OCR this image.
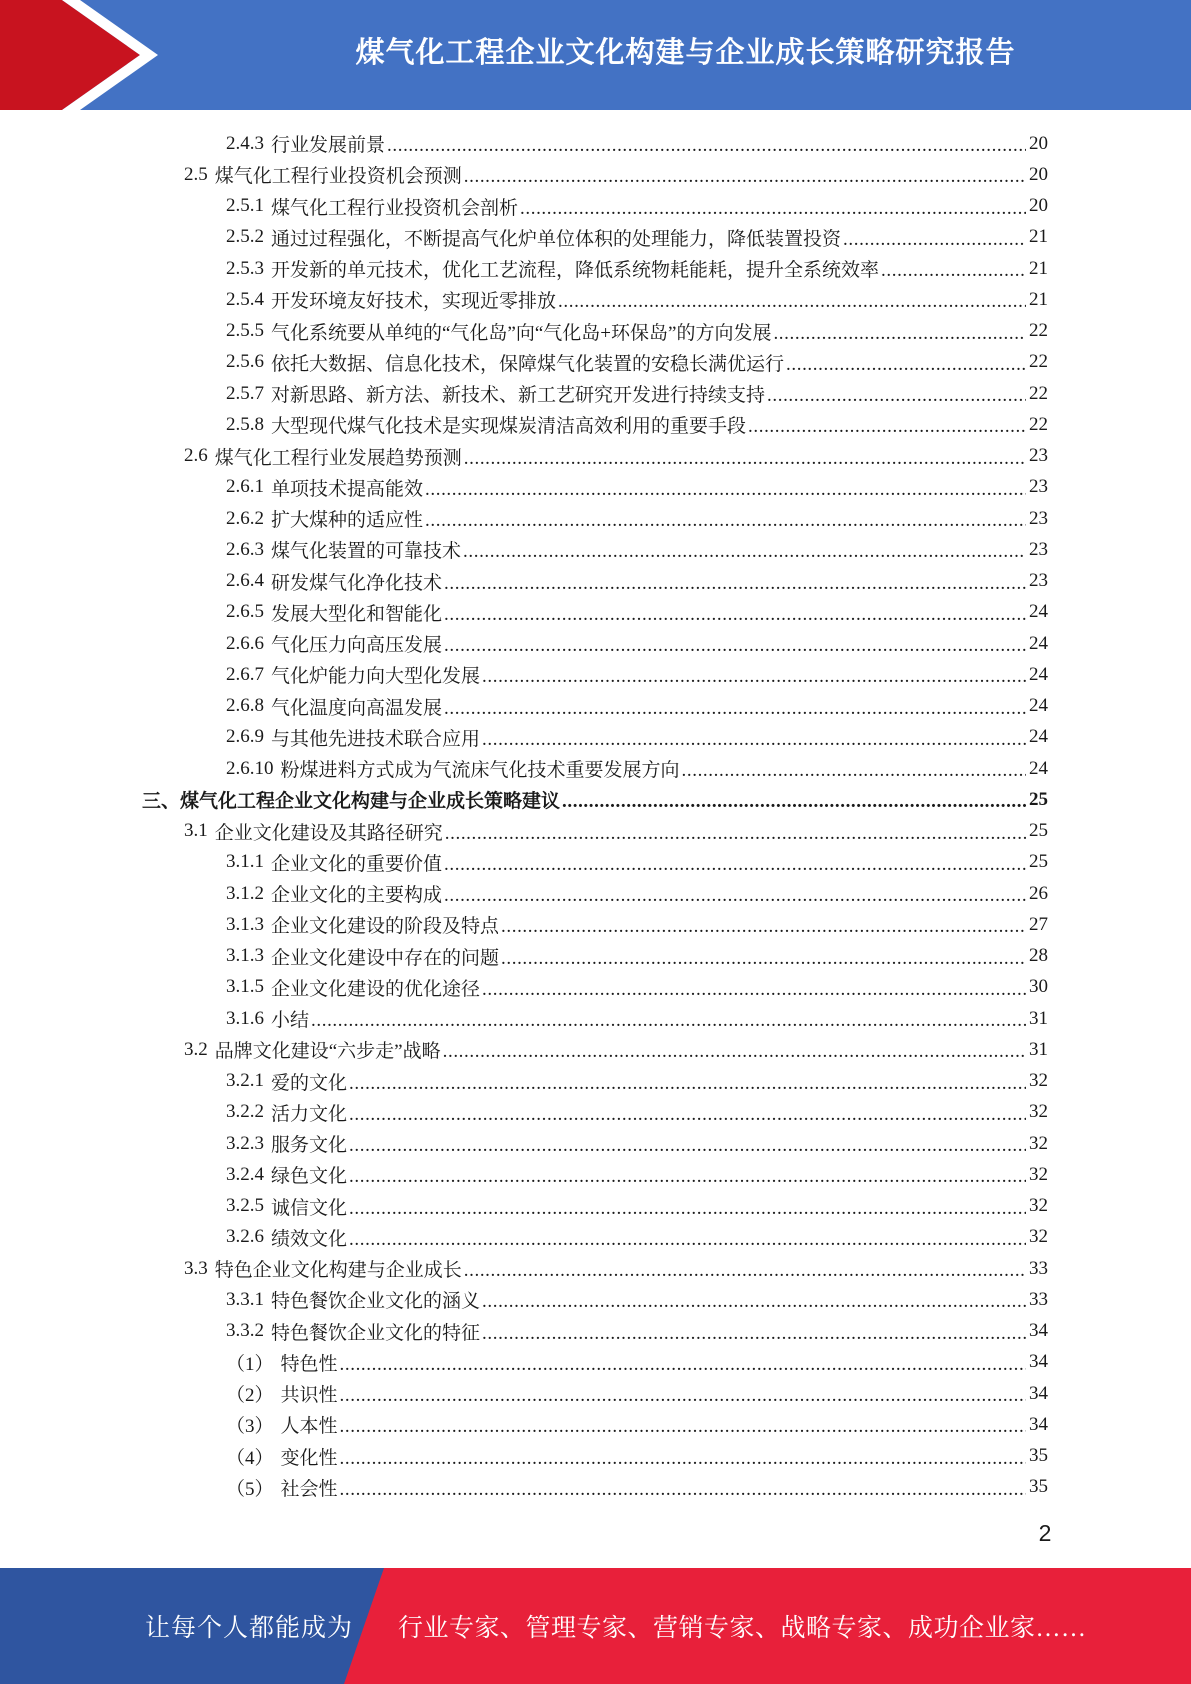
煤气化工程企业文化构建与企业成长策略研究报告
2.4.3 行业发展前景 .....	20
2.5 煤气化工程行业投资机会预测 .....	20
2.5.1 煤气化工程行业投资机会剖析 .....	20
2.5.2 通过过程强化，不断提高气化炉单位体积的处理能力，降低装置投资 .....	21
2.5.3 开发新的单元技术，优化工艺流程，降低系统物耗能耗，提升全系统效率 .....	21
2.5.4 开发环境友好技术，实现近零排放 .....	21
2.5.5 气化系统要从单纯的“气化岛”向“气化岛+环保岛”的方向发展 .....	22
2.5.6 依托大数据、信息化技术，保障煤气化装置的安稳长满优运行 .....	22
2.5.7 对新思路、新方法、新技术、新工艺研究开发进行持续支持 .....	22
2.5.8 大型现代煤气化技术是实现煤炭清洁高效利用的重要手段 .....	22
2.6 煤气化工程行业发展趋势预测 .....	23
2.6.1 单项技术提高能效 .....	23
2.6.2 扩大煤种的适应性 .....	23
2.6.3 煤气化装置的可靠技术 .....	23
2.6.4 研发煤气化净化技术 .....	23
2.6.5 发展大型化和智能化 .....	24
2.6.6 气化压力向高压发展 .....	24
2.6.7 气化炉能力向大型化发展 .....	24
2.6.8 气化温度向高温发展 .....	24
2.6.9 与其他先进技术联合应用 .....	24
2.6.10 粉煤进料方式成为气流床气化技术重要发展方向 .....	24
三、 煤气化工程企业文化构建与企业成长策略建议 .....	25
3.1 企业文化建设及其路径研究 .....	25
3.1.1 企业文化的重要价值 .....	25
3.1.2 企业文化的主要构成 .....	26
3.1.3 企业文化建设的阶段及特点 .....	27
3.1.3 企业文化建设中存在的问题 .....	28
3.1.5 企业文化建设的优化途径 .....	30
3.1.6 小结 .....	31
3.2 品牌文化建设“六步走”战略 .....	31
3.2.1 爱的文化 .....	32
3.2.2 活力文化 .....	32
3.2.3 服务文化 .....	32
3.2.4 绿色文化 .....	32
3.2.5 诚信文化 .....	32
3.2.6 绩效文化 .....	32
3.3 特色企业文化构建与企业成长 .....	33
3.3.1 特色餐饮企业文化的涵义 .....	33
3.3.2 特色餐饮企业文化的特征 .....	34
（1） 特色性 .....	34
（2） 共识性 .....	34
（3） 人本性 .....	34
（4） 变化性 .....	35
（5） 社会性 .....	35
2
让每个人都能成为 行业专家、管理专家、营销专家、战略专家、成功企业家……
